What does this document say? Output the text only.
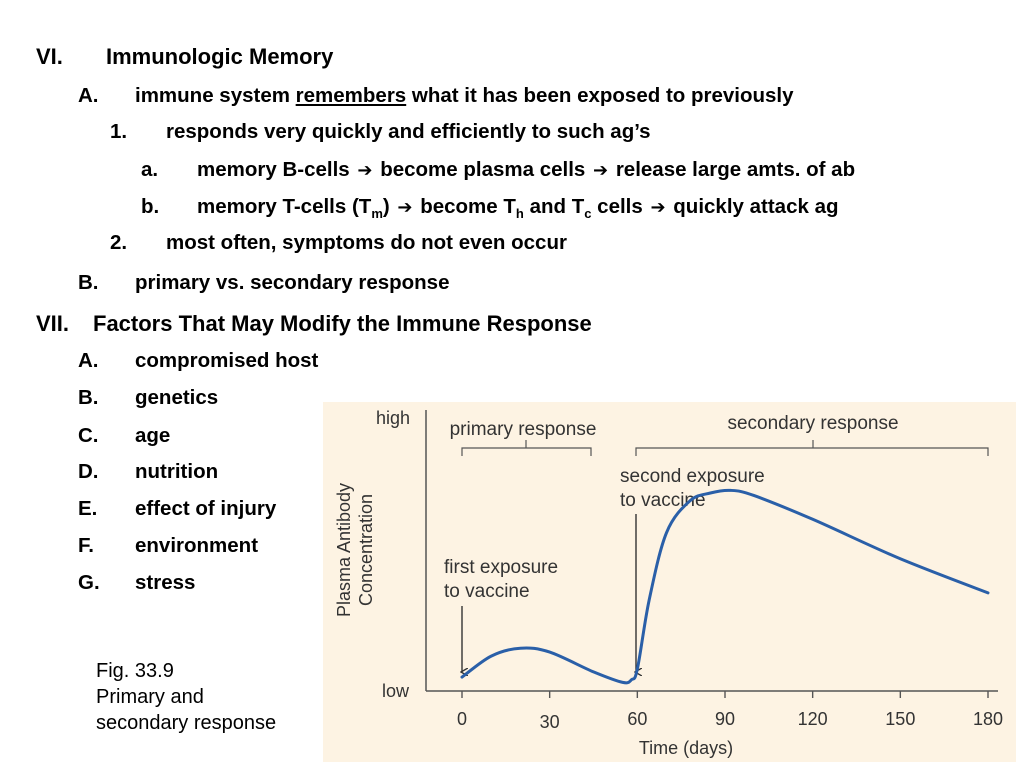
VI. Immunologic Memory
A. immune system remembers what it has been exposed to previously
1. responds very quickly and efficiently to such ag’s
a. memory B-cells ➔ become plasma cells ➔ release large amts. of ab
b. memory T-cells $(T_m)$ ➔ become $T_h$ and $T_c$ cells ➔ quickly attack ag
2. most often, symptoms do not even occur
B. primary vs. secondary response
VII. Factors That May Modify the Immune Response
A. compromised host
B. genetics
C. age
D. nutrition
E. effect of injury
F. environment
G. stress
Fig. 33.9
Primary and
secondary response
high
low
Plasma Antibody Concentration
Time (days)
0	30	60	90	120	150	180
primary response	secondary response
first exposure
to vaccine
second exposure
to vaccine
